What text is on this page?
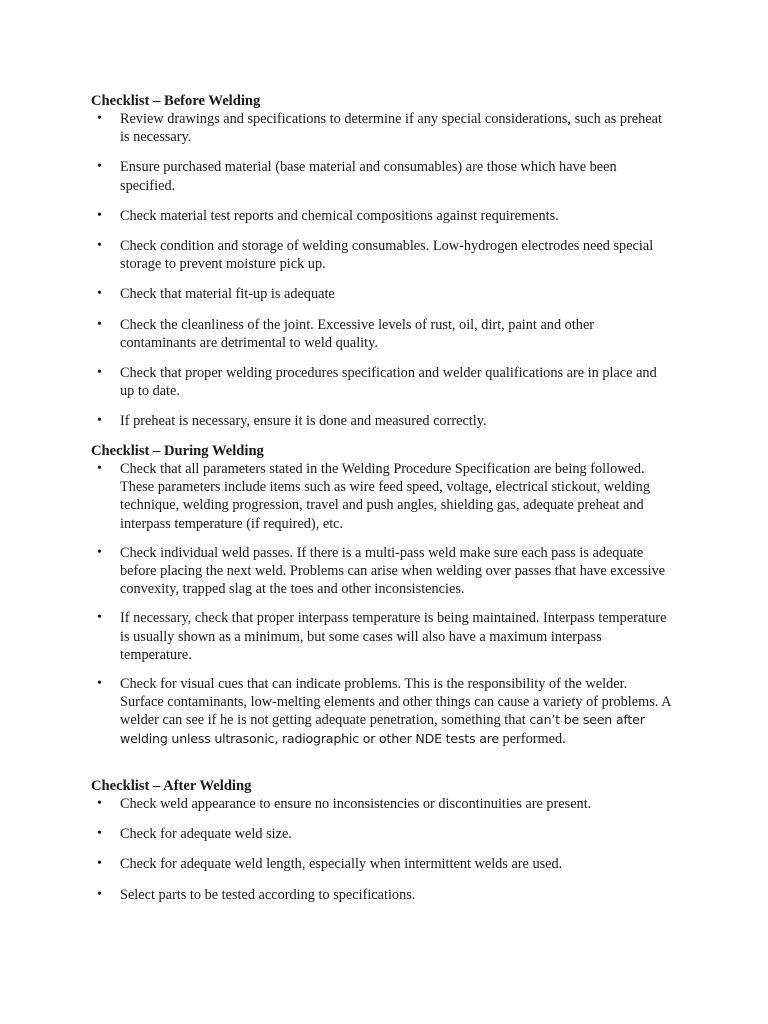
Checklist – Before Welding

• Review drawings and specifications to determine if any special considerations, such as preheat is necessary.
• Ensure purchased material (base material and consumables) are those which have been specified.
• Check material test reports and chemical compositions against requirements.
• Check condition and storage of welding consumables. Low-hydrogen electrodes need special storage to prevent moisture pick up.
• Check that material fit-up is adequate
• Check the cleanliness of the joint. Excessive levels of rust, oil, dirt, paint and other contaminants are detrimental to weld quality.
• Check that proper welding procedures specification and welder qualifications are in place and up to date.
• If preheat is necessary, ensure it is done and measured correctly.

Checklist – During Welding

• Check that all parameters stated in the Welding Procedure Specification are being followed. These parameters include items such as wire feed speed, voltage, electrical stickout, welding technique, welding progression, travel and push angles, shielding gas, adequate preheat and interpass temperature (if required), etc.
• Check individual weld passes. If there is a multi-pass weld make sure each pass is adequate before placing the next weld. Problems can arise when welding over passes that have excessive convexity, trapped slag at the toes and other inconsistencies.
• If necessary, check that proper interpass temperature is being maintained. Interpass temperature is usually shown as a minimum, but some cases will also have a maximum interpass temperature.
• Check for visual cues that can indicate problems. This is the responsibility of the welder. Surface contaminants, low-melting elements and other things can cause a variety of problems. A welder can see if he is not getting adequate penetration, something that can’t be seen after welding unless ultrasonic, radiographic or other NDE tests are performed.

Checklist – After Welding

• Check weld appearance to ensure no inconsistencies or discontinuities are present.
• Check for adequate weld size.
• Check for adequate weld length, especially when intermittent welds are used.
• Select parts to be tested according to specifications.
